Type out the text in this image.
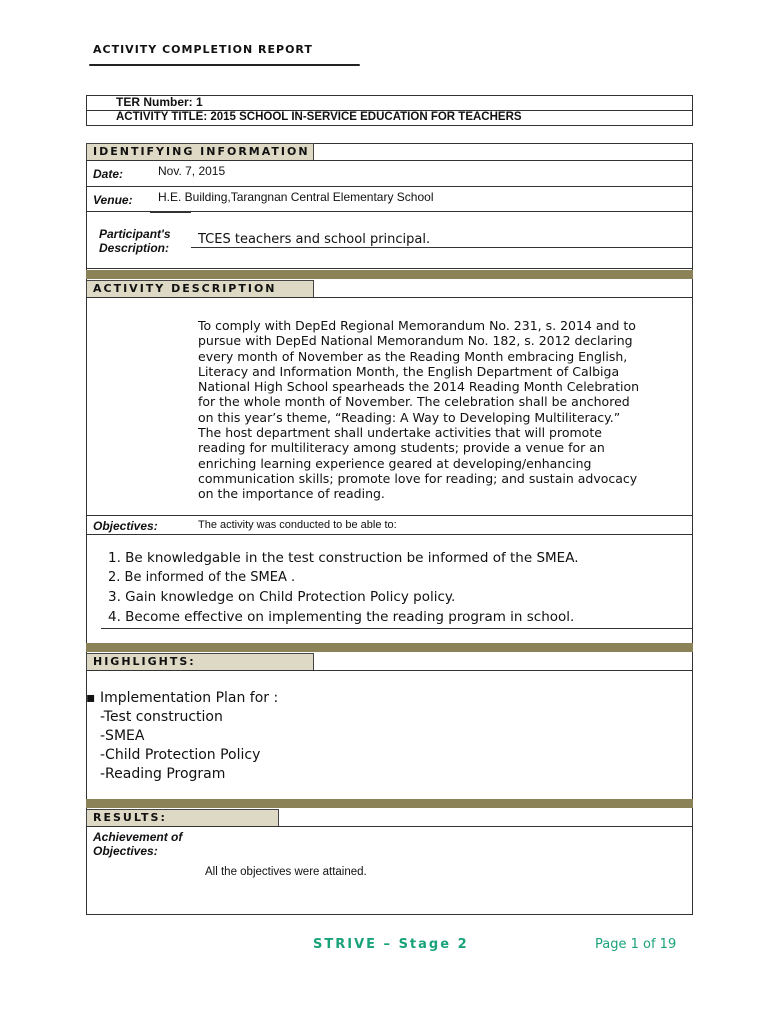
ACTIVITY COMPLETION REPORT
TER Number: 1
ACTIVITY TITLE: 2015 SCHOOL IN-SERVICE EDUCATION FOR TEACHERS
IDENTIFYING INFORMATION
Date:	Nov. 7, 2015
Venue: H.E. Building,Tarangnan Central Elementary School
Participant's
Description:
TCES teachers and school principal.
ACTIVITY DESCRIPTION
To comply with DepEd Regional Memorandum No. 231, s. 2014 and to
pursue with DepEd National Memorandum No. 182, s. 2012 declaring
every month of November as the Reading Month embracing English,
Literacy and Information Month, the English Department of Calbiga
National High School spearheads the 2014 Reading Month Celebration
for the whole month of November. The celebration shall be anchored
on this year’s theme, “Reading: A Way to Developing Multiliteracy.”
The host department shall undertake activities that will promote
reading for multiliteracy among students; provide a venue for an
enriching learning experience geared at developing/enhancing
communication skills; promote love for reading; and sustain advocacy
on the importance of reading.
Objectives:	The activity was conducted to be able to:
1. Be knowledgable in the test construction be informed of the SMEA.
2. Be informed of the SMEA .
3. Gain knowledge on Child Protection Policy policy.
4. Become effective on implementing the reading program in school.
HIGHLIGHTS:
▪ Implementation Plan for :
-Test construction
-SMEA
-Child Protection Policy
-Reading Program
RESULTS:
Achievement of
Objectives:
All the objectives were attained.
STRIVE – Stage 2	Page 1 of 19
